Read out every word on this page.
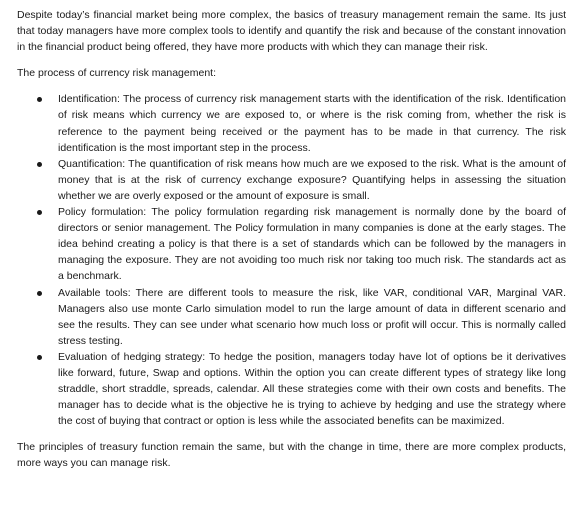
Despite today’s financial market being more complex, the basics of treasury management remain the same. Its just that today managers have more complex tools to identify and quantify the risk and because of the constant innovation in the financial product being offered, they have more products with which they can manage their risk.

The process of currency risk management:

Identification: The process of currency risk management starts with the identification of the risk. Identification of risk means which currency we are exposed to, or where is the risk coming from, whether the risk is reference to the payment being received or the payment has to be made in that currency. The risk identification is the most important step in the process.
Quantification: The quantification of risk means how much are we exposed to the risk. What is the amount of money that is at the risk of currency exchange exposure? Quantifying helps in assessing the situation whether we are overly exposed or the amount of exposure is small.
Policy formulation: The policy formulation regarding risk management is normally done by the board of directors or senior management. The Policy formulation in many companies is done at the early stages. The idea behind creating a policy is that there is a set of standards which can be followed by the managers in managing the exposure. They are not avoiding too much risk nor taking too much risk. The standards act as a benchmark.
Available tools: There are different tools to measure the risk, like VAR, conditional VAR, Marginal VAR. Managers also use monte Carlo simulation model to run the large amount of data in different scenario and see the results. They can see under what scenario how much loss or profit will occur. This is normally called stress testing.
Evaluation of hedging strategy: To hedge the position, managers today have lot of options be it derivatives like forward, future, Swap and options. Within the option you can create different types of strategy like long straddle, short straddle, spreads, calendar. All these strategies come with their own costs and benefits. The manager has to decide what is the objective he is trying to achieve by hedging and use the strategy where the cost of buying that contract or option is less while the associated benefits can be maximized.

The principles of treasury function remain the same, but with the change in time, there are more complex products, more ways you can manage risk.
